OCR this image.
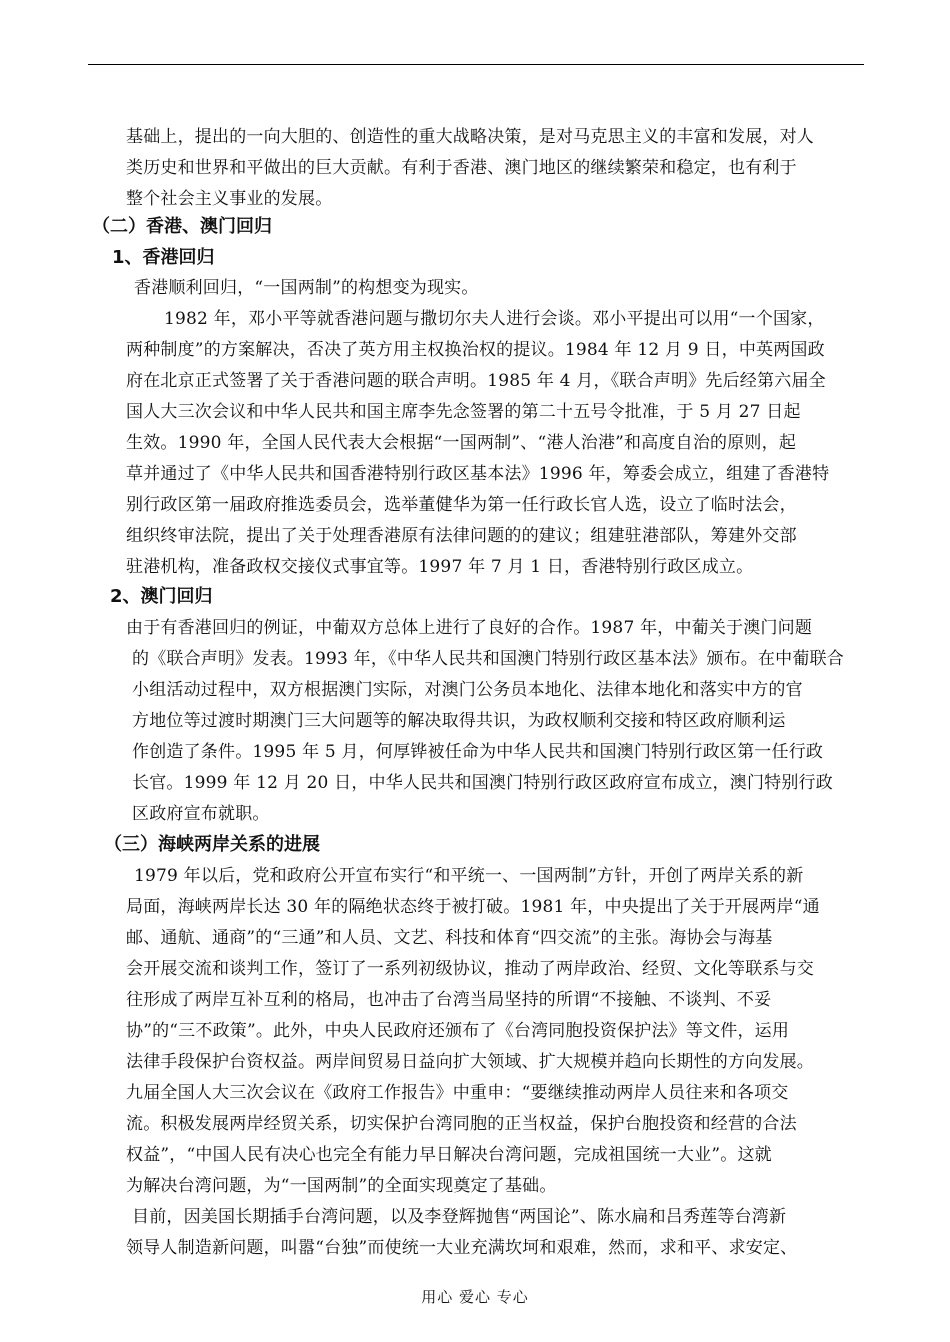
基础上，提出的一向大胆的、创造性的重大战略决策，是对马克思主义的丰富和发展，对人
类历史和世界和平做出的巨大贡献。有利于香港、澳门地区的继续繁荣和稳定，也有利于
整个社会主义事业的发展。
（二）香港、澳门回归
1、香港回归
香港顺利回归，“一国两制”的构想变为现实。
1982 年，邓小平等就香港问题与撒切尔夫人进行会谈。邓小平提出可以用“一个国家，
两种制度”的方案解决，否决了英方用主权换治权的提议。1984 年 12 月 9 日，中英两国政
府在北京正式签署了关于香港问题的联合声明。1985 年 4 月，《联合声明》先后经第六届全
国人大三次会议和中华人民共和国主席李先念签署的第二十五号令批准，于 5 月 27 日起
生效。1990 年，全国人民代表大会根据“一国两制”、“港人治港”和高度自治的原则，起
草并通过了《中华人民共和国香港特别行政区基本法》1996 年，筹委会成立，组建了香港特
别行政区第一届政府推选委员会，选举董健华为第一任行政长官人选，设立了临时法会，
组织终审法院，提出了关于处理香港原有法律问题的的建议；组建驻港部队，筹建外交部
驻港机构，准备政权交接仪式事宜等。1997 年 7 月 1 日，香港特别行政区成立。
2、澳门回归
由于有香港回归的例证，中葡双方总体上进行了良好的合作。1987 年，中葡关于澳门问题
的《联合声明》发表。1993 年，《中华人民共和国澳门特别行政区基本法》颁布。在中葡联合
小组活动过程中，双方根据澳门实际，对澳门公务员本地化、法律本地化和落实中方的官
方地位等过渡时期澳门三大问题等的解决取得共识，为政权顺利交接和特区政府顺利运
作创造了条件。1995 年 5 月，何厚铧被任命为中华人民共和国澳门特别行政区第一任行政
长官。1999 年 12 月 20 日，中华人民共和国澳门特别行政区政府宣布成立，澳门特别行政
区政府宣布就职。
（三）海峡两岸关系的进展
1979 年以后，党和政府公开宣布实行“和平统一、一国两制”方针，开创了两岸关系的新
局面，海峡两岸长达 30 年的隔绝状态终于被打破。1981 年，中央提出了关于开展两岸“通
邮、通航、通商”的“三通”和人员、文艺、科技和体育“四交流”的主张。海协会与海基
会开展交流和谈判工作，签订了一系列初级协议，推动了两岸政治、经贸、文化等联系与交
往形成了两岸互补互利的格局，也冲击了台湾当局坚持的所谓“不接触、不谈判、不妥
协”的“三不政策”。此外，中央人民政府还颁布了《台湾同胞投资保护法》等文件，运用
法律手段保护台资权益。两岸间贸易日益向扩大领域、扩大规模并趋向长期性的方向发展。
九届全国人大三次会议在《政府工作报告》中重申：“要继续推动两岸人员往来和各项交
流。积极发展两岸经贸关系，切实保护台湾同胞的正当权益，保护台胞投资和经营的合法
权益”，“中国人民有决心也完全有能力早日解决台湾问题，完成祖国统一大业”。这就
为解决台湾问题，为“一国两制”的全面实现奠定了基础。
目前，因美国长期插手台湾问题，以及李登辉抛售“两国论”、陈水扁和吕秀莲等台湾新
领导人制造新问题，叫嚣“台独”而使统一大业充满坎坷和艰难，然而，求和平、求安定、
用心 爱心 专心
